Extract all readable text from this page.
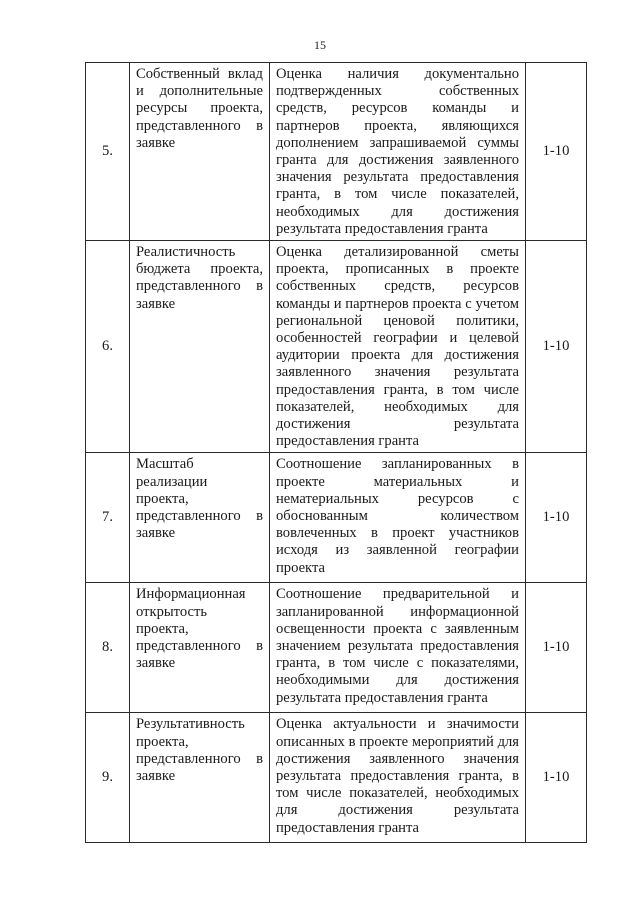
15
5.	Собственный вклад и дополнительные ресурсы проекта, представленного в заявке	Оценка наличия документально подтвержденных собственных средств, ресурсов команды и партнеров проекта, являющихся дополнением запрашиваемой суммы гранта для достижения заявленного значения результата предоставления гранта, в том числе показателей, необходимых для достижения результата предоставления гранта	1-10
6.	Реалистичность бюджета проекта, представленного в заявке	Оценка детализированной сметы проекта, прописанных в проекте собственных средств, ресурсов команды и партнеров проекта с учетом региональной ценовой политики, особенностей географии и целевой аудитории проекта для достижения заявленного значения результата предоставления гранта, в том числе показателей, необходимых для достижения результата предоставления гранта	1-10
7.	Масштаб реализации проекта, представленного в заявке	Соотношение запланированных в проекте материальных и нематериальных ресурсов с обоснованным количеством вовлеченных в проект участников исходя из заявленной географии проекта	1-10
8.	Информационная открытость проекта, представленного в заявке	Соотношение предварительной и запланированной информационной освещенности проекта с заявленным значением результата предоставления гранта, в том числе с показателями, необходимыми для достижения результата предоставления гранта	1-10
9.	Результативность проекта, представленного в заявке	Оценка актуальности и значимости описанных в проекте мероприятий для достижения заявленного значения результата предоставления гранта, в том числе показателей, необходимых для достижения результата предоставления гранта	1-10
